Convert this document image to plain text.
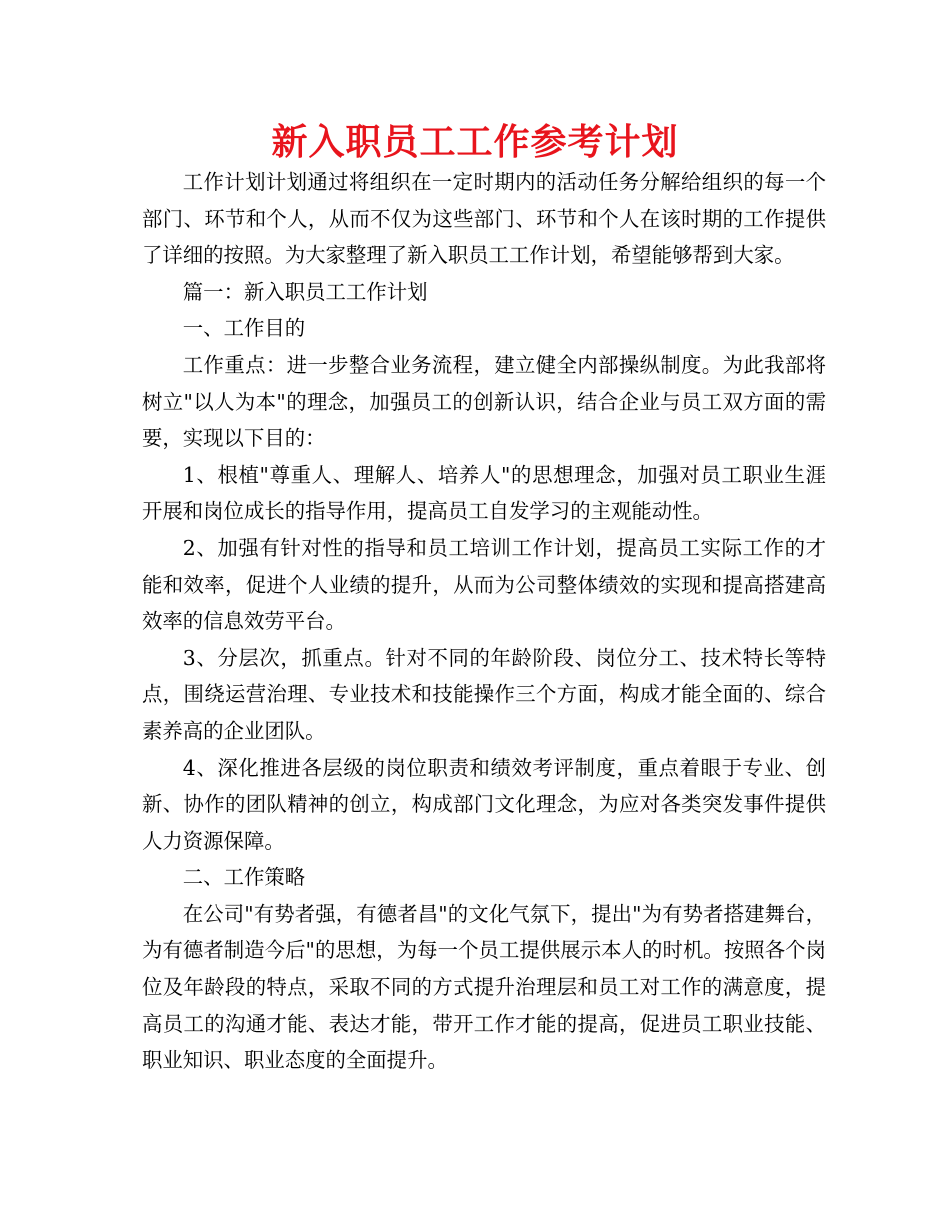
新入职员工工作参考计划

工作计划计划通过将组织在一定时期内的活动任务分解给组织的每一个部门、环节和个人，从而不仅为这些部门、环节和个人在该时期的工作提供了详细的按照。为大家整理了新入职员工工作计划，希望能够帮到大家。

篇一：新入职员工工作计划

一、工作目的

工作重点：进一步整合业务流程，建立健全内部操纵制度。为此我部将树立"以人为本"的理念，加强员工的创新认识，结合企业与员工双方面的需要，实现以下目的：

1、根植"尊重人、理解人、培养人"的思想理念，加强对员工职业生涯开展和岗位成长的指导作用，提高员工自发学习的主观能动性。

2、加强有针对性的指导和员工培训工作计划，提高员工实际工作的才能和效率，促进个人业绩的提升，从而为公司整体绩效的实现和提高搭建高效率的信息效劳平台。

3、分层次，抓重点。针对不同的年龄阶段、岗位分工、技术特长等特点，围绕运营治理、专业技术和技能操作三个方面，构成才能全面的、综合素养高的企业团队。

4、深化推进各层级的岗位职责和绩效考评制度，重点着眼于专业、创新、协作的团队精神的创立，构成部门文化理念，为应对各类突发事件提供人力资源保障。

二、工作策略

在公司"有势者强，有德者昌"的文化气氛下，提出"为有势者搭建舞台，为有德者制造今后"的思想，为每一个员工提供展示本人的时机。按照各个岗位及年龄段的特点，采取不同的方式提升治理层和员工对工作的满意度，提高员工的沟通才能、表达才能，带开工作才能的提高，促进员工职业技能、职业知识、职业态度的全面提升。
